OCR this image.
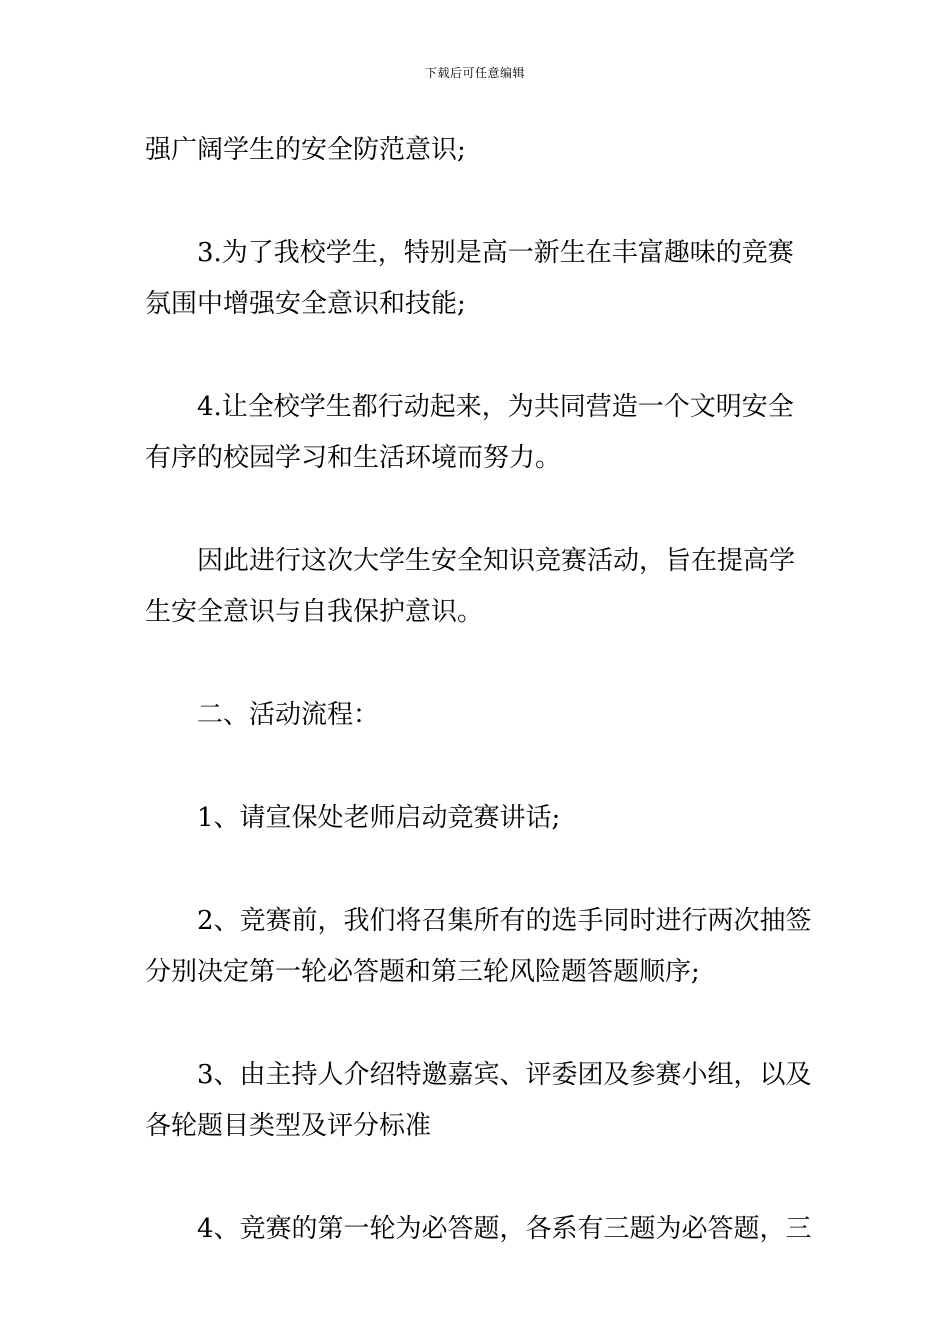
下载后可任意编辑

强广阔学生的安全防范意识;

3.为了我校学生，特别是高一新生在丰富趣味的竞赛
氛围中增强安全意识和技能;

4.让全校学生都行动起来，为共同营造一个文明安全
有序的校园学习和生活环境而努力。

因此进行这次大学生安全知识竞赛活动，旨在提高学
生安全意识与自我保护意识。

二、活动流程：

1、请宣保处老师启动竞赛讲话;

2、竞赛前，我们将召集所有的选手同时进行两次抽签
分别决定第一轮必答题和第三轮风险题答题顺序;

3、由主持人介绍特邀嘉宾、评委团及参赛小组，以及
各轮题目类型及评分标准

4、竞赛的第一轮为必答题，各系有三题为必答题，三
